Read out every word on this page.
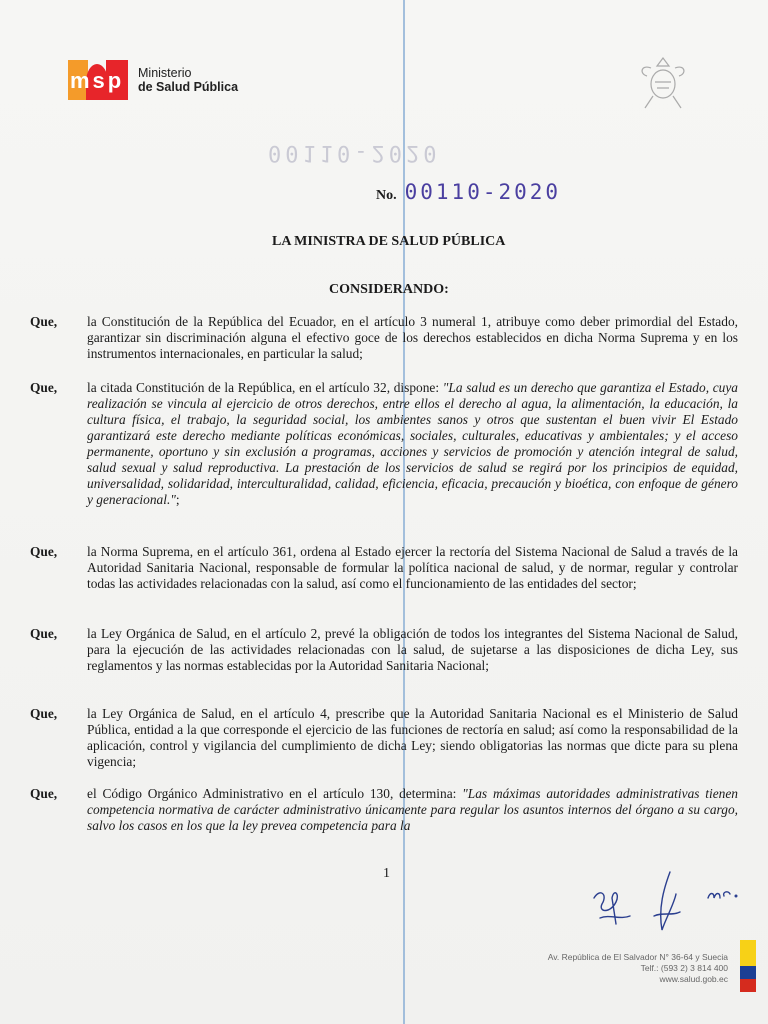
msp	Ministerio
de Salud Pública
00110-2020
No. 00110-2020
LA MINISTRA DE SALUD PÚBLICA
CONSIDERANDO:
Que,	la Constitución de la República del Ecuador, en el artículo 3 numeral 1, atribuye como deber primordial del Estado, garantizar sin discriminación alguna el efectivo goce de los derechos establecidos en dicha Norma Suprema y en los instrumentos internacionales, en particular la salud;
Que,	la citada Constitución de la República, en el artículo 32, dispone: "La salud es un derecho que garantiza el Estado, cuya realización se vincula al ejercicio de otros derechos, entre ellos el derecho al agua, la alimentación, la educación, la cultura física, el trabajo, la seguridad social, los ambientes sanos y otros que sustentan el buen vivir El Estado garantizará este derecho mediante políticas económicas, sociales, culturales, educativas y ambientales; y el acceso permanente, oportuno y sin exclusión a programas, acciones y servicios de promoción y atención integral de salud, salud sexual y salud reproductiva. La prestación de los servicios de salud se regirá por los principios de equidad, universalidad, solidaridad, interculturalidad, calidad, eficiencia, eficacia, precaución y bioética, con enfoque de género y generacional.";
Que,	la Norma Suprema, en el artículo 361, ordena al Estado ejercer la rectoría del Sistema Nacional de Salud a través de la Autoridad Sanitaria Nacional, responsable de formular la política nacional de salud, y de normar, regular y controlar todas las actividades relacionadas con la salud, así como el funcionamiento de las entidades del sector;
Que,	la Ley Orgánica de Salud, en el artículo 2, prevé la obligación de todos los integrantes del Sistema Nacional de Salud, para la ejecución de las actividades relacionadas con la salud, de sujetarse a las disposiciones de dicha Ley, sus reglamentos y las normas establecidas por la Autoridad Sanitaria Nacional;
Que,	la Ley Orgánica de Salud, en el artículo 4, prescribe que la Autoridad Sanitaria Nacional es el Ministerio de Salud Pública, entidad a la que corresponde el ejercicio de las funciones de rectoría en salud; así como la responsabilidad de la aplicación, control y vigilancia del cumplimiento de dicha Ley; siendo obligatorias las normas que dicte para su plena vigencia;
Que,	el Código Orgánico Administrativo en el artículo 130, determina: "Las máximas autoridades administrativas tienen competencia normativa de carácter administrativo únicamente para regular los asuntos internos del órgano a su cargo, salvo los casos en los que la ley prevea competencia para la
1
Av. República de El Salvador N° 36-64 y Suecia
Telf.: (593 2) 3 814 400
www.salud.gob.ec
